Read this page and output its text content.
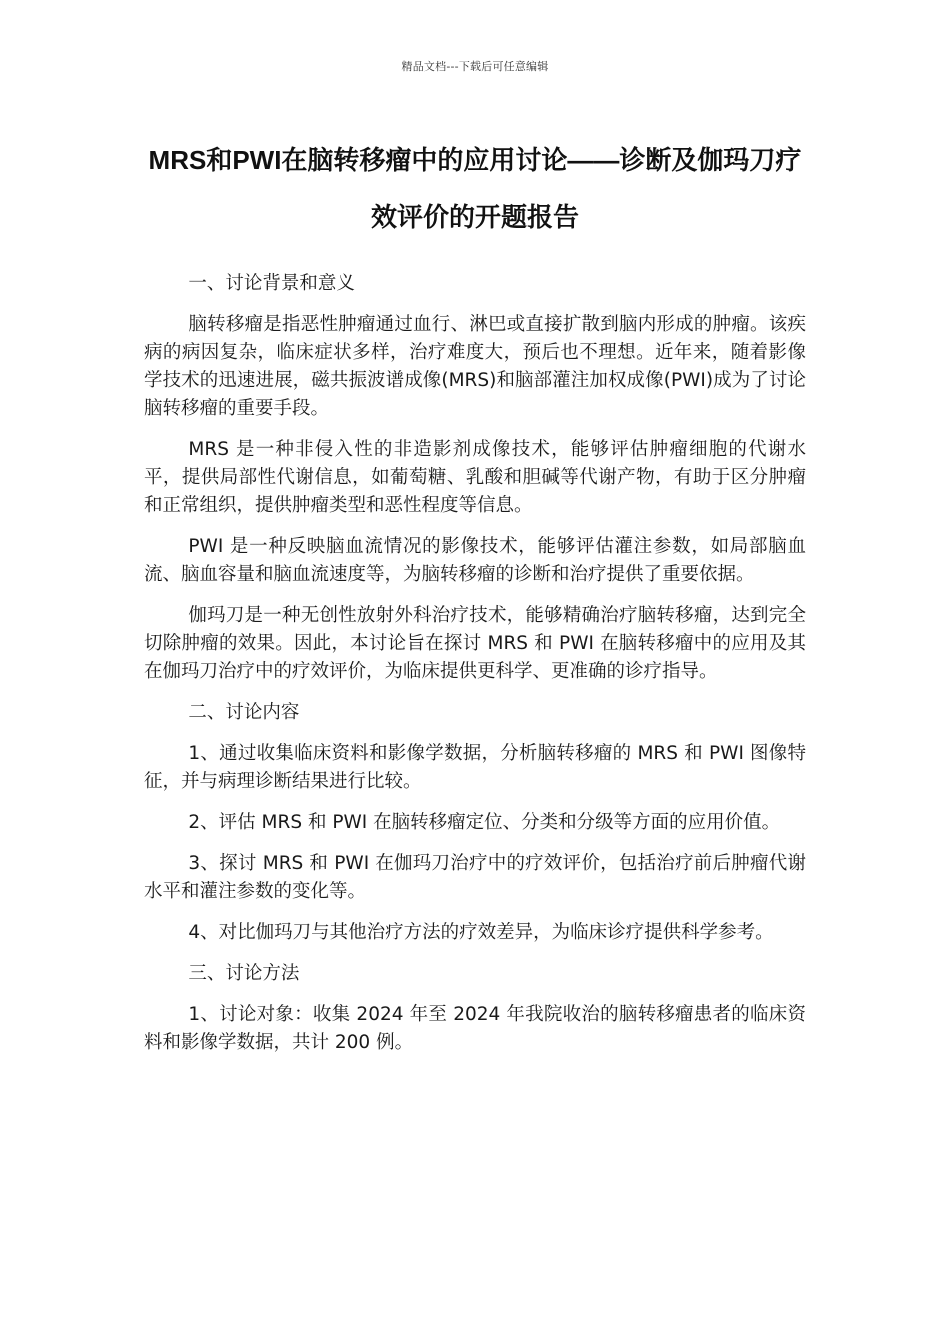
精品文档---下载后可任意编辑
MRS和PWI在脑转移瘤中的应用讨论——诊断及伽玛刀疗效评价的开题报告

一、讨论背景和意义

脑转移瘤是指恶性肿瘤通过血行、淋巴或直接扩散到脑内形成的肿瘤。该疾病的病因复杂，临床症状多样，治疗难度大，预后也不理想。近年来，随着影像学技术的迅速进展，磁共振波谱成像(MRS)和脑部灌注加权成像(PWI)成为了讨论脑转移瘤的重要手段。

MRS 是一种非侵入性的非造影剂成像技术，能够评估肿瘤细胞的代谢水平，提供局部性代谢信息，如葡萄糖、乳酸和胆碱等代谢产物，有助于区分肿瘤和正常组织，提供肿瘤类型和恶性程度等信息。

PWI 是一种反映脑血流情况的影像技术，能够评估灌注参数，如局部脑血流、脑血容量和脑血流速度等，为脑转移瘤的诊断和治疗提供了重要依据。

伽玛刀是一种无创性放射外科治疗技术，能够精确治疗脑转移瘤，达到完全切除肿瘤的效果。因此，本讨论旨在探讨 MRS 和 PWI 在脑转移瘤中的应用及其在伽玛刀治疗中的疗效评价，为临床提供更科学、更准确的诊疗指导。

二、讨论内容

1、通过收集临床资料和影像学数据，分析脑转移瘤的 MRS 和 PWI 图像特征，并与病理诊断结果进行比较。

2、评估 MRS 和 PWI 在脑转移瘤定位、分类和分级等方面的应用价值。

3、探讨 MRS 和 PWI 在伽玛刀治疗中的疗效评价，包括治疗前后肿瘤代谢水平和灌注参数的变化等。

4、对比伽玛刀与其他治疗方法的疗效差异，为临床诊疗提供科学参考。

三、讨论方法

1、讨论对象：收集 2024 年至 2024 年我院收治的脑转移瘤患者的临床资料和影像学数据，共计 200 例。
